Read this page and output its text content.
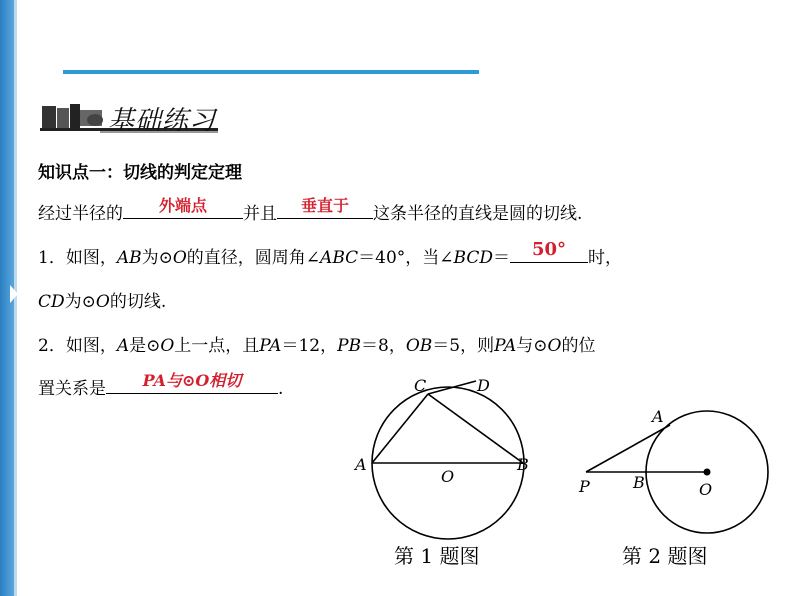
基础练习
知识点一：切线的判定定理
经过半径的	外端点	并且	垂直于	这条半径的直线是圆的切线.
1．如图，AB为⊙O的直径，圆周角∠ABC＝40°，当∠BCD＝	50°	时，
CD为⊙O的切线.
2．如图，A是⊙O上一点，且PA＝12，PB＝8，OB＝5，则PA与⊙O的位
置关系是	PA与⊙O相切	.
A	B
C	D
O
第 1 题图
P	B
A
O
第 2 题图
